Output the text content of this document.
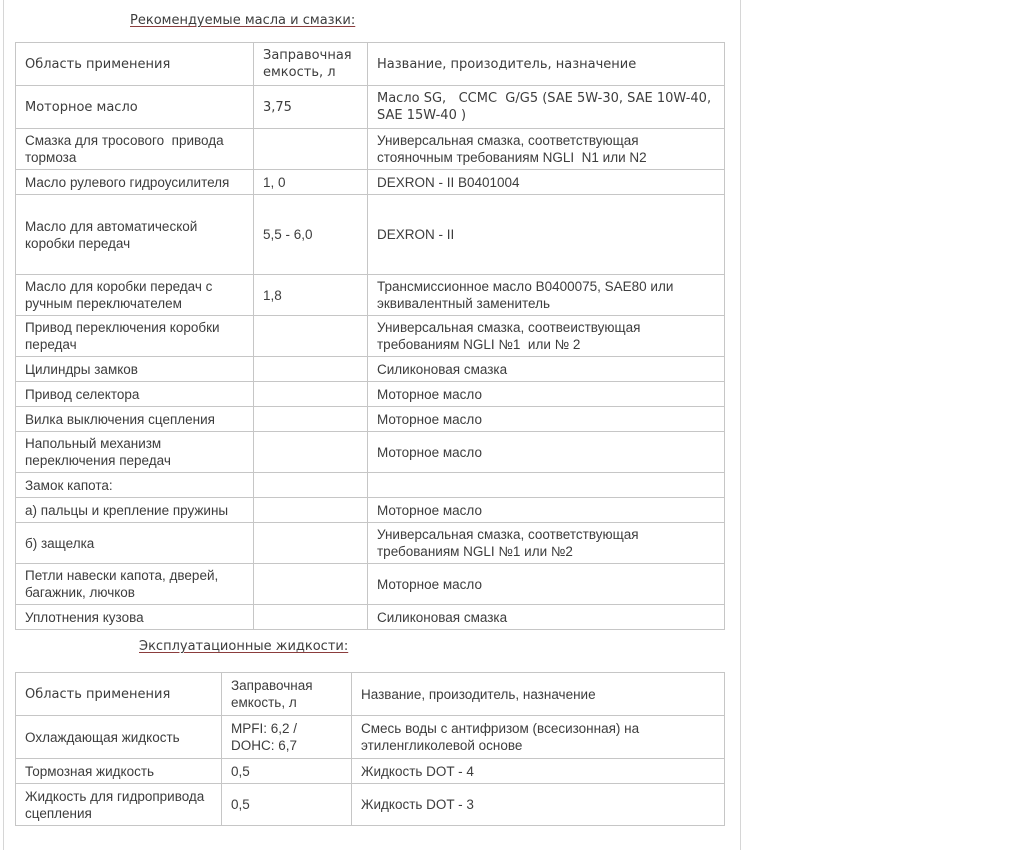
Рекомендуемые масла и смазки:
Область применения	Заправочная емкость, л	Название, произодитель, назначение
Моторное масло	3,75	Масло SG,   ССМС  G/G5 (SAE 5W-30, SAE 10W-40, SAE 15W-40 )
Смазка для тросового  привода тормоза		Универсальная смазка, соответствующая стояночным требованиям NGLI  N1 или N2
Масло рулевого гидроусилителя	1, 0	DEXRON - II B0401004
Масло для автоматической коробки передач	5,5 - 6,0	DEXRON - II
Масло для коробки передач с ручным переключателем	1,8	Трансмиссионное масло B0400075, SAE80 или эквивалентный заменитель
Привод переключения коробки передач		Универсальная смазка, соотвеиствующая требованиям NGLI №1  или № 2
Цилиндры замков		Силиконовая смазка
Привод селектора		Моторное масло
Вилка выключения сцепления		Моторное масло
Напольный механизм переключения передач		Моторное масло
Замок капота:		
а) пальцы и крепление пружины		Моторное масло
б) защелка		Универсальная смазка, соответствующая требованиям NGLI №1 или №2
Петли навески капота, дверей, багажник, лючков		Моторное масло
Уплотнения кузова		Силиконовая смазка
Эксплуатационные жидкости:
Область применения	Заправочная емкость, л	Название, произодитель, назначение
Охлаждающая жидкость	MPFI: 6,2 / DOHC: 6,7	Смесь воды с антифризом (всесизонная) на этиленгликолевой основе
Тормозная жидкость	0,5	Жидкость DOT - 4
Жидкость для гидропривода сцепления	0,5	Жидкость DOT - 3
